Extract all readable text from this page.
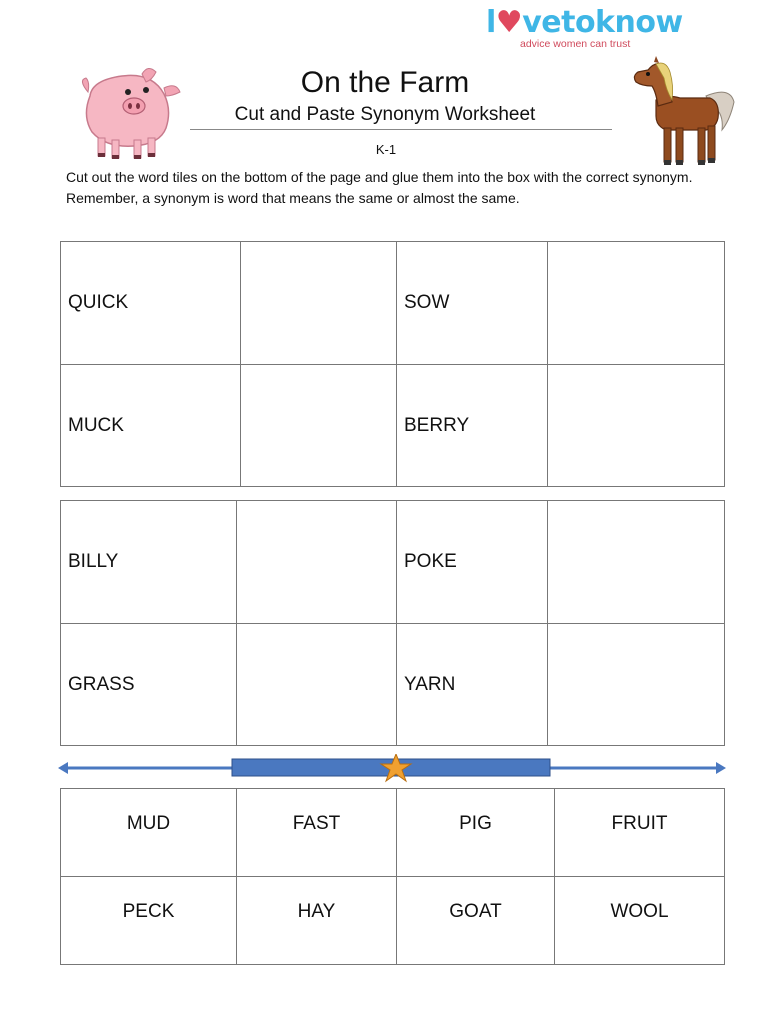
l♥vetoknow
advice women can trust
On the Farm
Cut and Paste Synonym Worksheet
K-1
Cut out the word tiles on the bottom of the page and glue them into the box with the correct synonym. Remember, a synonym is word that means the same or almost the same.
QUICK		SOW	
MUCK		BERRY	
BILLY		POKE	
GRASS		YARN	
MUD	FAST	PIG	FRUIT
PECK	HAY	GOAT	WOOL
